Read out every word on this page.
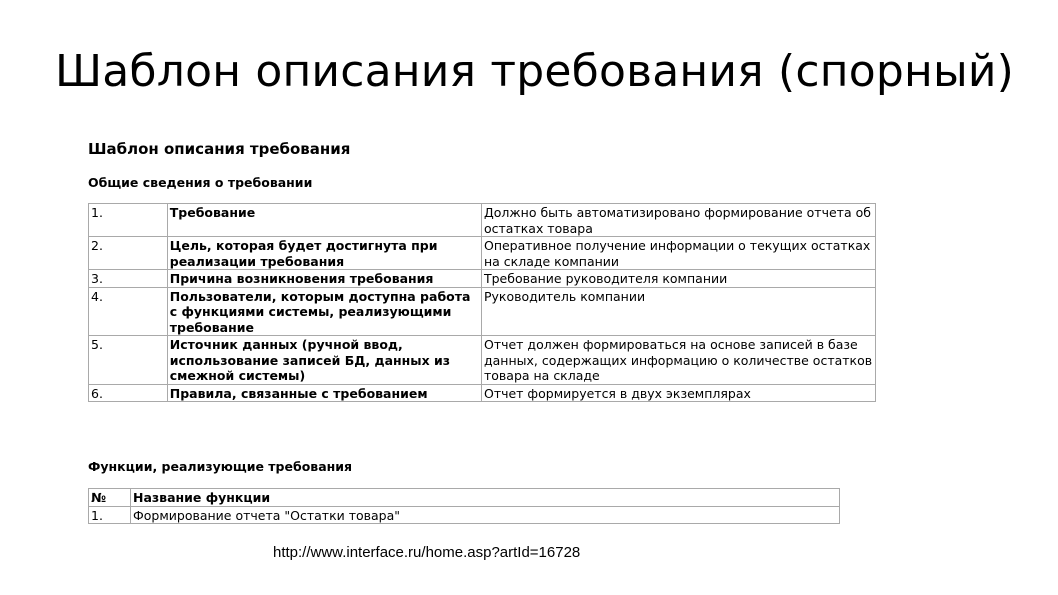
Шаблон описания требования (спорный)
Шаблон описания требования
Общие сведения о требовании
1.	Требование	Должно быть автоматизировано формирование отчета об остатках товара
2.	Цель, которая будет достигнута при реализации требования	Оперативное получение информации о текущих остатках на складе компании
3.	Причина возникновения требования	Требование руководителя компании
4.	Пользователи, которым доступна работа с функциями системы, реализующими требование	Руководитель компании
5.	Источник данных (ручной ввод, использование записей БД, данных из смежной системы)	Отчет должен формироваться на основе записей в базе данных, содержащих информацию о количестве остатков товара на складе
6.	Правила, связанные с требованием	Отчет формируется в двух экземплярах
Функции, реализующие требования
№	Название функции
1.	Формирование отчета "Остатки товара"
http://www.interface.ru/home.asp?artId=16728
